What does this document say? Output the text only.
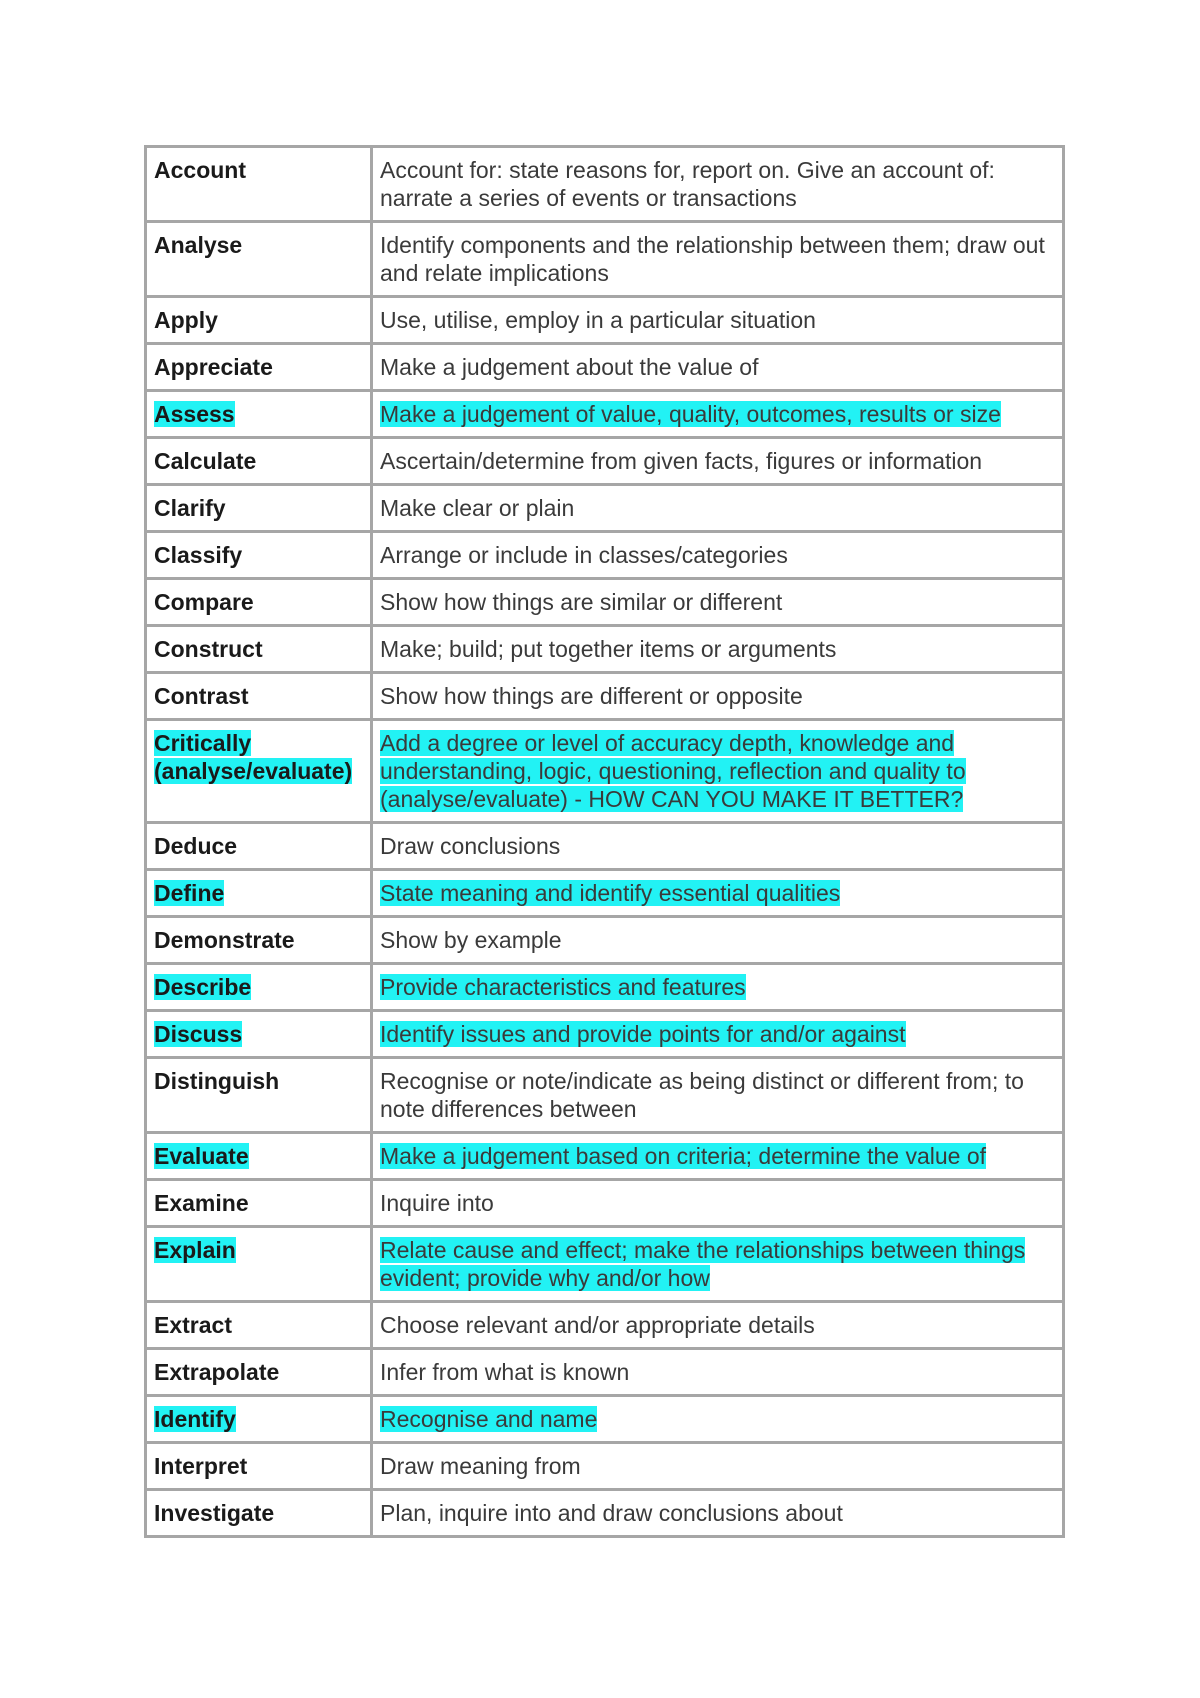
Account	Account for: state reasons for, report on. Give an account of: narrate a series of events or transactions
Analyse	Identify components and the relationship between them; draw out and relate implications
Apply	Use, utilise, employ in a particular situation
Appreciate	Make a judgement about the value of
Assess	Make a judgement of value, quality, outcomes, results or size
Calculate	Ascertain/determine from given facts, figures or information
Clarify	Make clear or plain
Classify	Arrange or include in classes/categories
Compare	Show how things are similar or different
Construct	Make; build; put together items or arguments
Contrast	Show how things are different or opposite
Critically (analyse/evaluate)	Add a degree or level of accuracy depth, knowledge and understanding, logic, questioning, reflection and quality to (analyse/evaluate) - HOW CAN YOU MAKE IT BETTER?
Deduce	Draw conclusions
Define	State meaning and identify essential qualities
Demonstrate	Show by example
Describe	Provide characteristics and features
Discuss	Identify issues and provide points for and/or against
Distinguish	Recognise or note/indicate as being distinct or different from; to note differences between
Evaluate	Make a judgement based on criteria; determine the value of
Examine	Inquire into
Explain	Relate cause and effect; make the relationships between things evident; provide why and/or how
Extract	Choose relevant and/or appropriate details
Extrapolate	Infer from what is known
Identify	Recognise and name
Interpret	Draw meaning from
Investigate	Plan, inquire into and draw conclusions about
